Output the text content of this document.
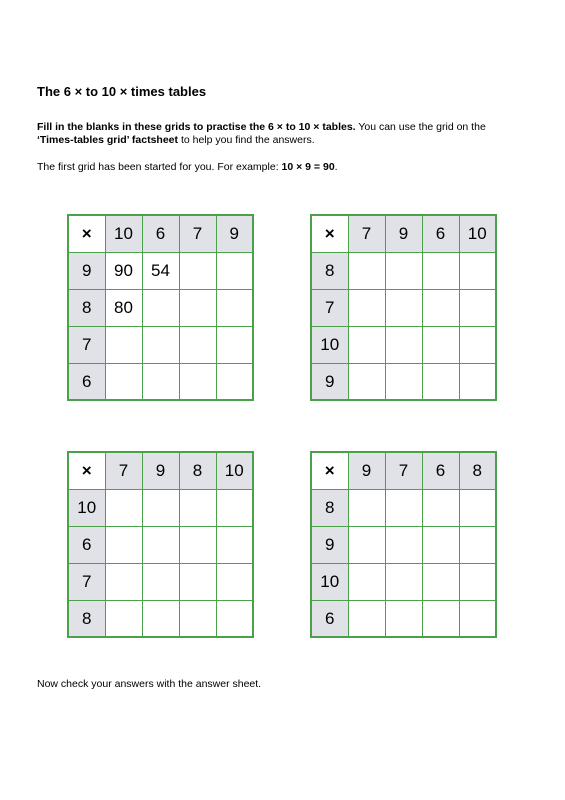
The 6 × to 10 × times tables
Fill in the blanks in these grids to practise the 6 × to 10 × tables. You can use the grid on the
‘Times-tables grid’ factsheet to help you find the answers.
The first grid has been started for you. For example: 10 × 9 = 90.
×	10	6	7	9
9	90	54		
8	80			
7				
6				
×	7	9	6	10
8				
7				
10				
9				
×	7	9	8	10
10				
6				
7				
8				
×	9	7	6	8
8				
9				
10				
6				
Now check your answers with the answer sheet.
